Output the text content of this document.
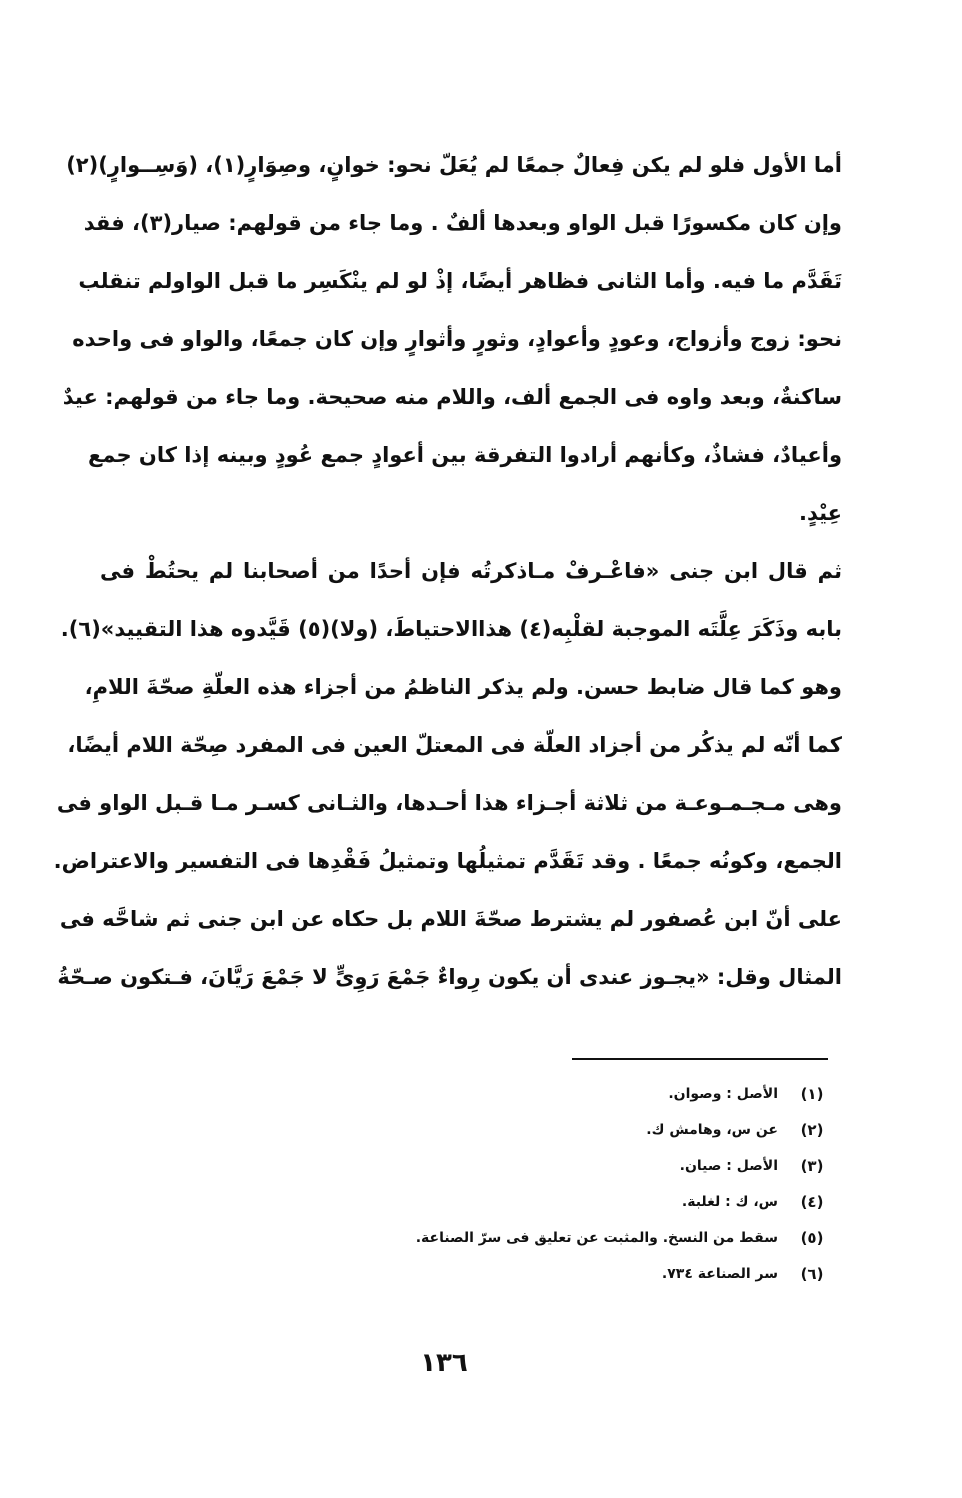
أما الأول فلو لم يكن فِعالٌ جمعًا لم يُعَلّ نحو: خوانٍ، وصِوَارٍ(١)، (وَسِــوارٍ)(٢)
وإن كان مكسورًا قبل الواو وبعدها ألفٌ . وما جاء من قولهم: صيار(٣)، فقد
تَقَدَّم ما فيه. وأما الثانى فظاهر أيضًا، إذْ لو لم ينْكَسِر ما قبل الواولم تنقلب
نحو: زوج وأزواج، وعودٍ وأعوادٍ، وثورٍ وأثوارٍ وإن كان جمعًا، والواو فى واحده
ساكنةٌ، وبعد واوه فى الجمع ألف، واللام منه صحيحة. وما جاء من قولهم: عيدٌ
وأعيادٌ، فشاذٌ، وكأنهم أرادوا التفرقة بين أعوادٍ جمع عُودٍ وبينه إذا كان جمع
عِيْدٍ.
ثم قال ابن جنى «فاعْـرفْ مـاذكرتُه فإن أحدًا من أصحابنا لم يحتُطْ فى
بابه وذَكَرَ عِلَّتَه الموجبة لقلْبِه(٤) هذاالاحتياطَ، (ولا)(٥) قَيَّدوه هذا التقييد»(٦).
وهو كما قال ضابط حسن. ولم يذكر الناظمُ من أجزاء هذه العلّةِ صحّةَ اللامِ،
كما أنّه لم يذكُر من أجزاد العلّة فى المعتلّ العين فى المفرد صِحّة اللام أيضًا،
وهى مـجـمـوعـة من ثلاثة أجـزاء هذا أحـدها، والثـانى كسـر مـا قـبل الواو فى
الجمع، وكونُه جمعًا . وقد تَقَدَّم تمثيلُها وتمثيلُ فَقْدِها فى التفسير والاعتراض.
على أنّ ابن عُصفور لم يشترط صحّةَ اللام بل حكاه عن ابن جنى ثم شاحَّه فى
المثال وقل: «يجـوز عندى أن يكون رِواءٌ جَمْعَ رَوِىٍّ لا جَمْعَ رَيَّانَ، فـتكون صـحّةُ
(١)
الأصل : وصوان.
(٢)
عن س، وهامش ك.
(٣)
الأصل : صيان.
(٤)
س، ك : لغلبة.
(٥)
سقط من النسخ. والمثبت عن تعليق فى سرّ الصناعة.
(٦)
سر الصناعة ٧٣٤.
١٣٦
